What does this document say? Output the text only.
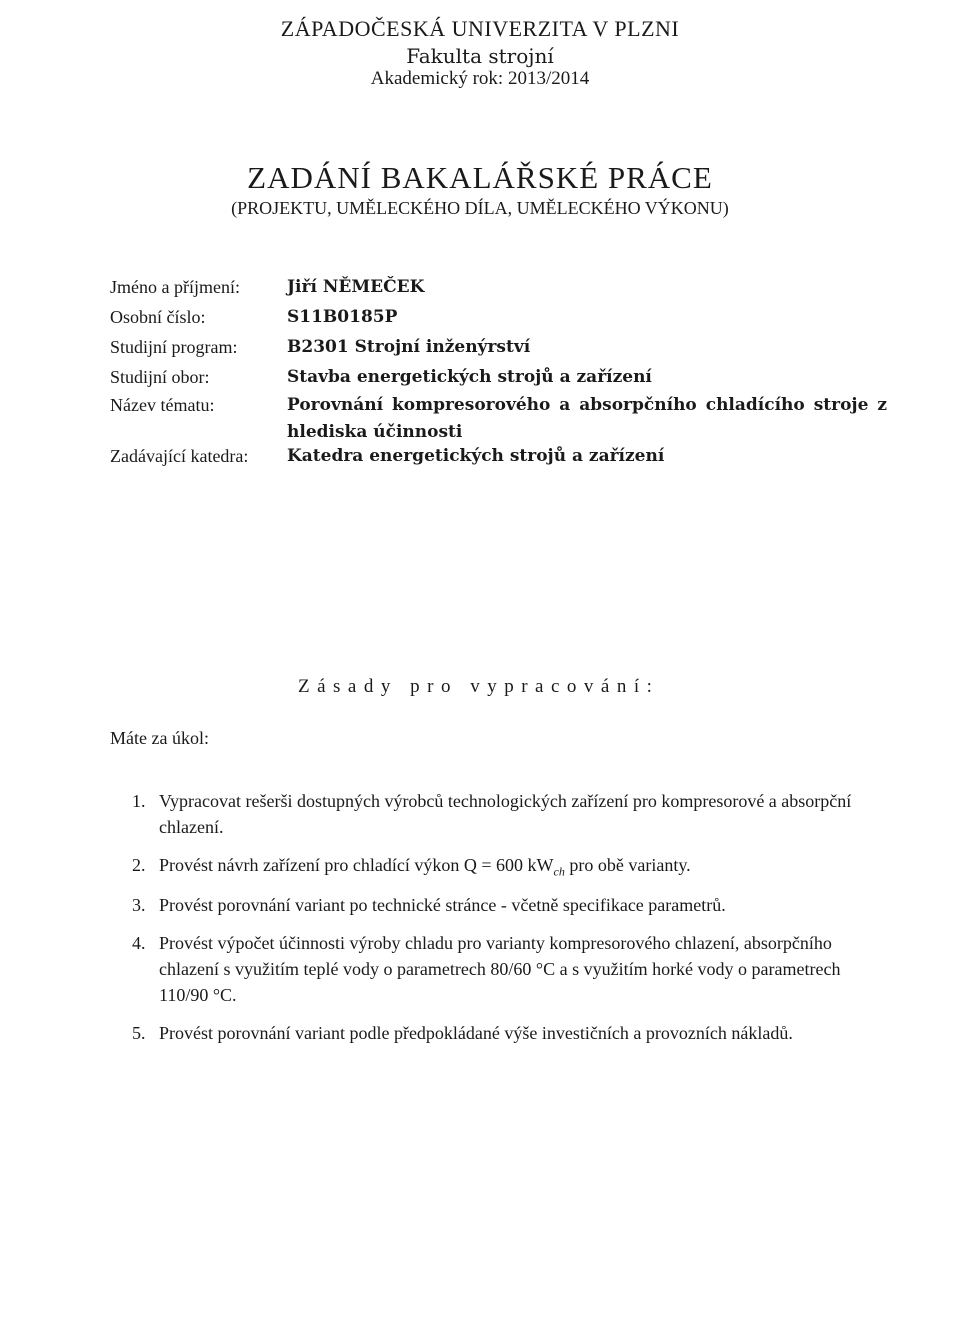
ZÁPADOČESKÁ UNIVERZITA V PLZNI
Fakulta strojní
Akademický rok: 2013/2014
ZADÁNÍ BAKALÁŘSKÉ PRÁCE
(PROJEKTU, UMĚLECKÉHO DÍLA, UMĚLECKÉHO VÝKONU)
Jméno a příjmení:	Jiří NĚMEČEK
Osobní číslo:	S11B0185P
Studijní program:	B2301 Strojní inženýrství
Studijní obor:	Stavba energetických strojů a zařízení
Název tématu:	Porovnání kompresorového a absorpčního chladícího stroje z hlediska účinnosti
Zadávající katedra:	Katedra energetických strojů a zařízení
Zásady pro vypracování:
Máte za úkol:
1. Vypracovat rešerši dostupných výrobců technologických zařízení pro kompresorové a absorpční chlazení.
2. Provést návrh zařízení pro chladící výkon Q = 600 $kW_{ch}$ pro obě varianty.
3. Provést porovnání variant po technické stránce - včetně specifikace parametrů.
4. Provést výpočet účinnosti výroby chladu pro varianty kompresorového chlazení, absorpčního chlazení s využitím teplé vody o parametrech 80/60 °C a s využitím horké vody o parametrech 110/90 °C.
5. Provést porovnání variant podle předpokládané výše investičních a provozních nákladů.
